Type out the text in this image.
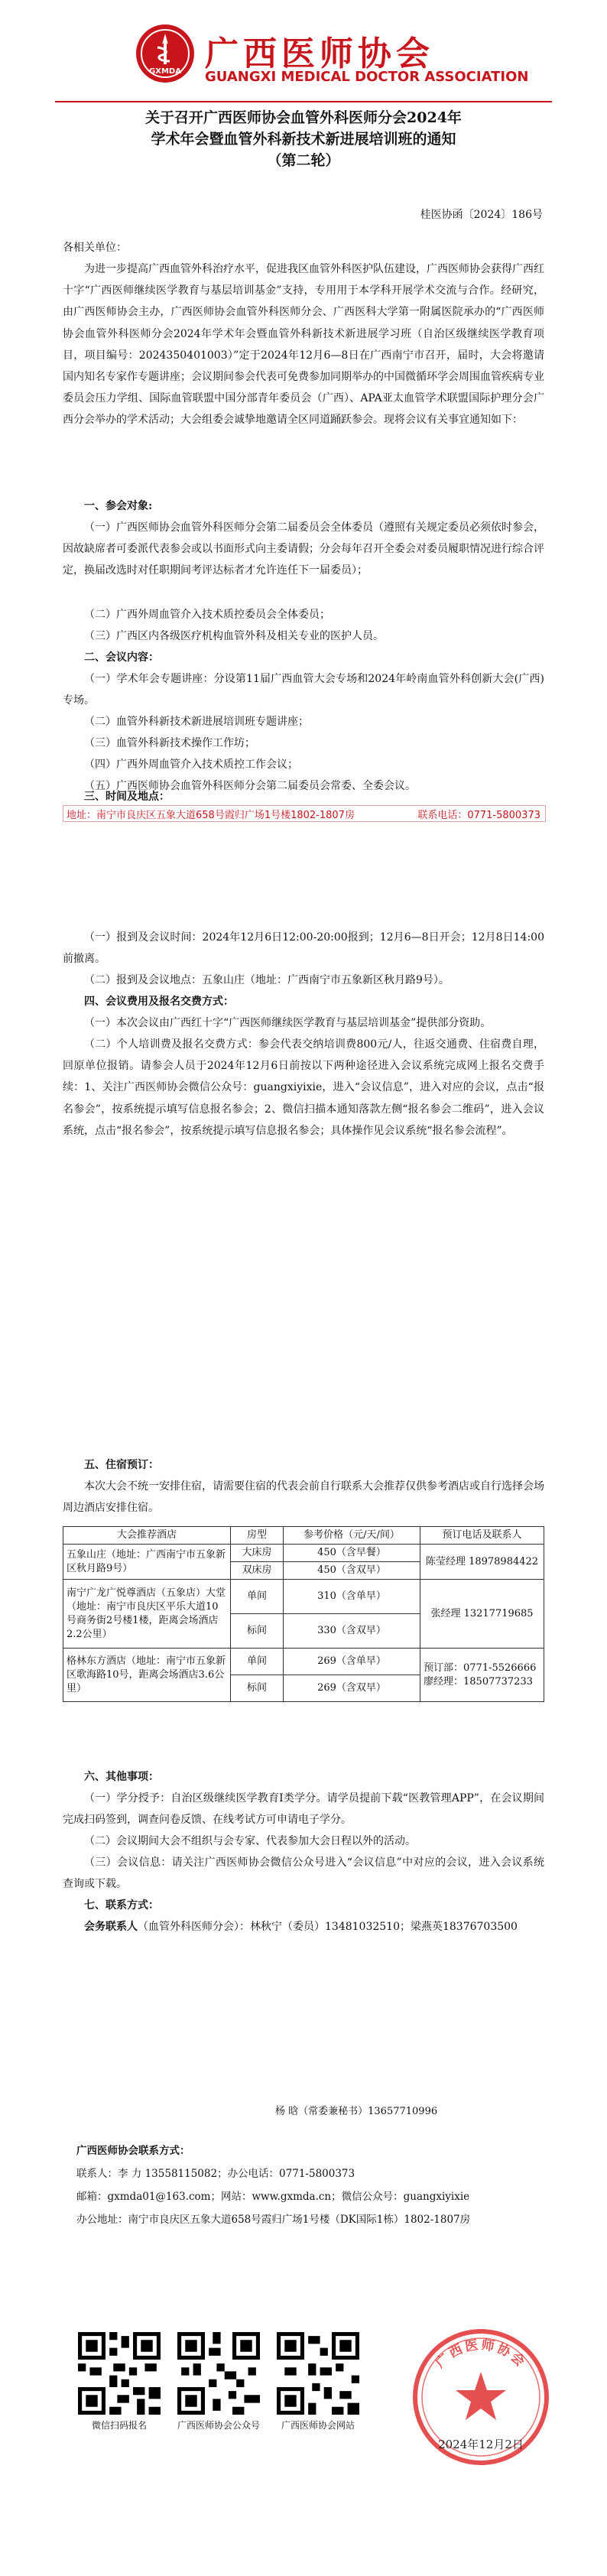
GXMDA 广西医师协会
GUANGXI MEDICAL DOCTOR ASSOCIATION
关于召开广西医师协会血管外科医师分会2024年
学术年会暨血管外科新技术新进展培训班的通知
（第二轮）
桂医协函〔2024〕186号
各相关单位：
为进一步提高广西血管外科治疗水平，促进我区血管外科医护队伍建设，广西医师协会获得广西红十字“广西医师继续医学教育与基层培训基金”支持，专用用于本学科开展学术交流与合作。经研究，由广西医师协会主办，广西医师协会血管外科医师分会、广西医科大学第一附属医院承办的“广西医师协会血管外科医师分会2024年学术年会暨血管外科新技术新进展学习班（自治区级继续医学教育项目，项目编号：2024350401003）”定于2024年12月6—8日在广西南宁市召开，届时，大会将邀请国内知名专家作专题讲座；会议期间参会代表可免费参加同期举办的中国微循环学会周围血管疾病专业委员会压力学组、国际血管联盟中国分部青年委员会（广西）、APA亚太血管学术联盟国际护理分会广西分会举办的学术活动；大会组委会诚挚地邀请全区同道踊跃参会。现将会议有关事宜通知如下：
一、参会对象:
（一）广西医师协会血管外科医师分会第二届委员会全体委员（遵照有关规定委员必须依时参会，因故缺席者可委派代表参会或以书面形式向主委请假；分会每年召开全委会对委员履职情况进行综合评定，换届改选时对任职期间考评达标者才允许连任下一届委员）；
（二）广西外周血管介入技术质控委员会全体委员；
（三）广西区内各级医疗机构血管外科及相关专业的医护人员。
二、会议内容：
（一）学术年会专题讲座：分设第11届广西血管大会专场和2024年岭南血管外科创新大会(广西)专场。
（二）血管外科新技术新进展培训班专题讲座；
（三）血管外科新技术操作工作坊；
（四）广西外周血管介入技术质控工作会议；
（五）广西医师协会血管外科医师分会第二届委员会常委、全委会议。
三、时间及地点：
地址：南宁市良庆区五象大道658号霞归广场1号楼1802-1807房	联系电话：0771-5800373
（一）报到及会议时间：2024年12月6日12:00-20:00报到；12月6—8日开会；12月8日14:00前撤离。
（二）报到及会议地点：五象山庄（地址：广西南宁市五象新区秋月路9号）。
四、会议费用及报名交费方式：
（一）本次会议由广西红十字“广西医师继续医学教育与基层培训基金”提供部分资助。
（二）个人培训费及报名交费方式：参会代表交纳培训费800元/人，往返交通费、住宿费自理，回原单位报销。请参会人员于2024年12月6日前按以下两种途径进入会议系统完成网上报名交费手续：1、关注广西医师协会微信公众号：guangxiyixie，进入“会议信息”，进入对应的会议，点击“报名参会”，按系统提示填写信息报名参会；2、微信扫描本通知落款左侧“报名参会二维码”，进入会议系统，点击“报名参会”，按系统提示填写信息报名参会；具体操作见会议系统“报名参会流程”。
五、住宿预订：
本次大会不统一安排住宿，请需要住宿的代表会前自行联系大会推荐仅供参考酒店或自行选择会场周边酒店安排住宿。
大会推荐酒店	房型	参考价格（元/天/间）	预订电话及联系人
五象山庄（地址：广西南宁市五象新区秋月路9号）	大床房	450（含早餐）	陈莹经理 18978984422
	双床房	450（含双早）	
南宁广龙广悦尊酒店（五象店）大堂（地址：南宁市良庆区平乐大道10号商务街2号楼1楼，距离会场酒店2.2公里）	单间	310（含单早）	张经理 13217719685
	标间	330（含双早）	
格林东方酒店（地址：南宁市五象新区歌海路10号，距离会场酒店3.6公里）	单间	269（含单早）	预订部：0771-5526666
廖经理：18507737233

	标间	269（含双早）	
六、其他事项：
（一）学分授予：自治区级继续医学教育Ⅰ类学分。请学员提前下载“医教管理APP”，在会议期间完成扫码签到，调查问卷反馈、在线考试方可申请电子学分。
（二）会议期间大会不组织与会专家、代表参加大会日程以外的活动。
（三）会议信息：请关注广西医师协会微信公众号进入“会议信息”中对应的会议，进入会议系统查询或下载。
七、联系方式：
会务联系人（血管外科医师分会）：林秋宁（委员）13481032510；梁燕英18376703500
杨 晗（常委兼秘书）13657710996
广西医师协会联系方式：
联系人：李 力 13558115082；办公电话：0771-5800373
邮箱：gxmda01@163.com；网站：www.gxmda.cn；微信公众号：guangxiyixie
办公地址：南宁市良庆区五象大道658号霞归广场1号楼（DK国际1栋）1802-1807房
微信扫码报名	广西医师协会公众号	广西医师协会网站
广西医师协会
2024年12月2日
